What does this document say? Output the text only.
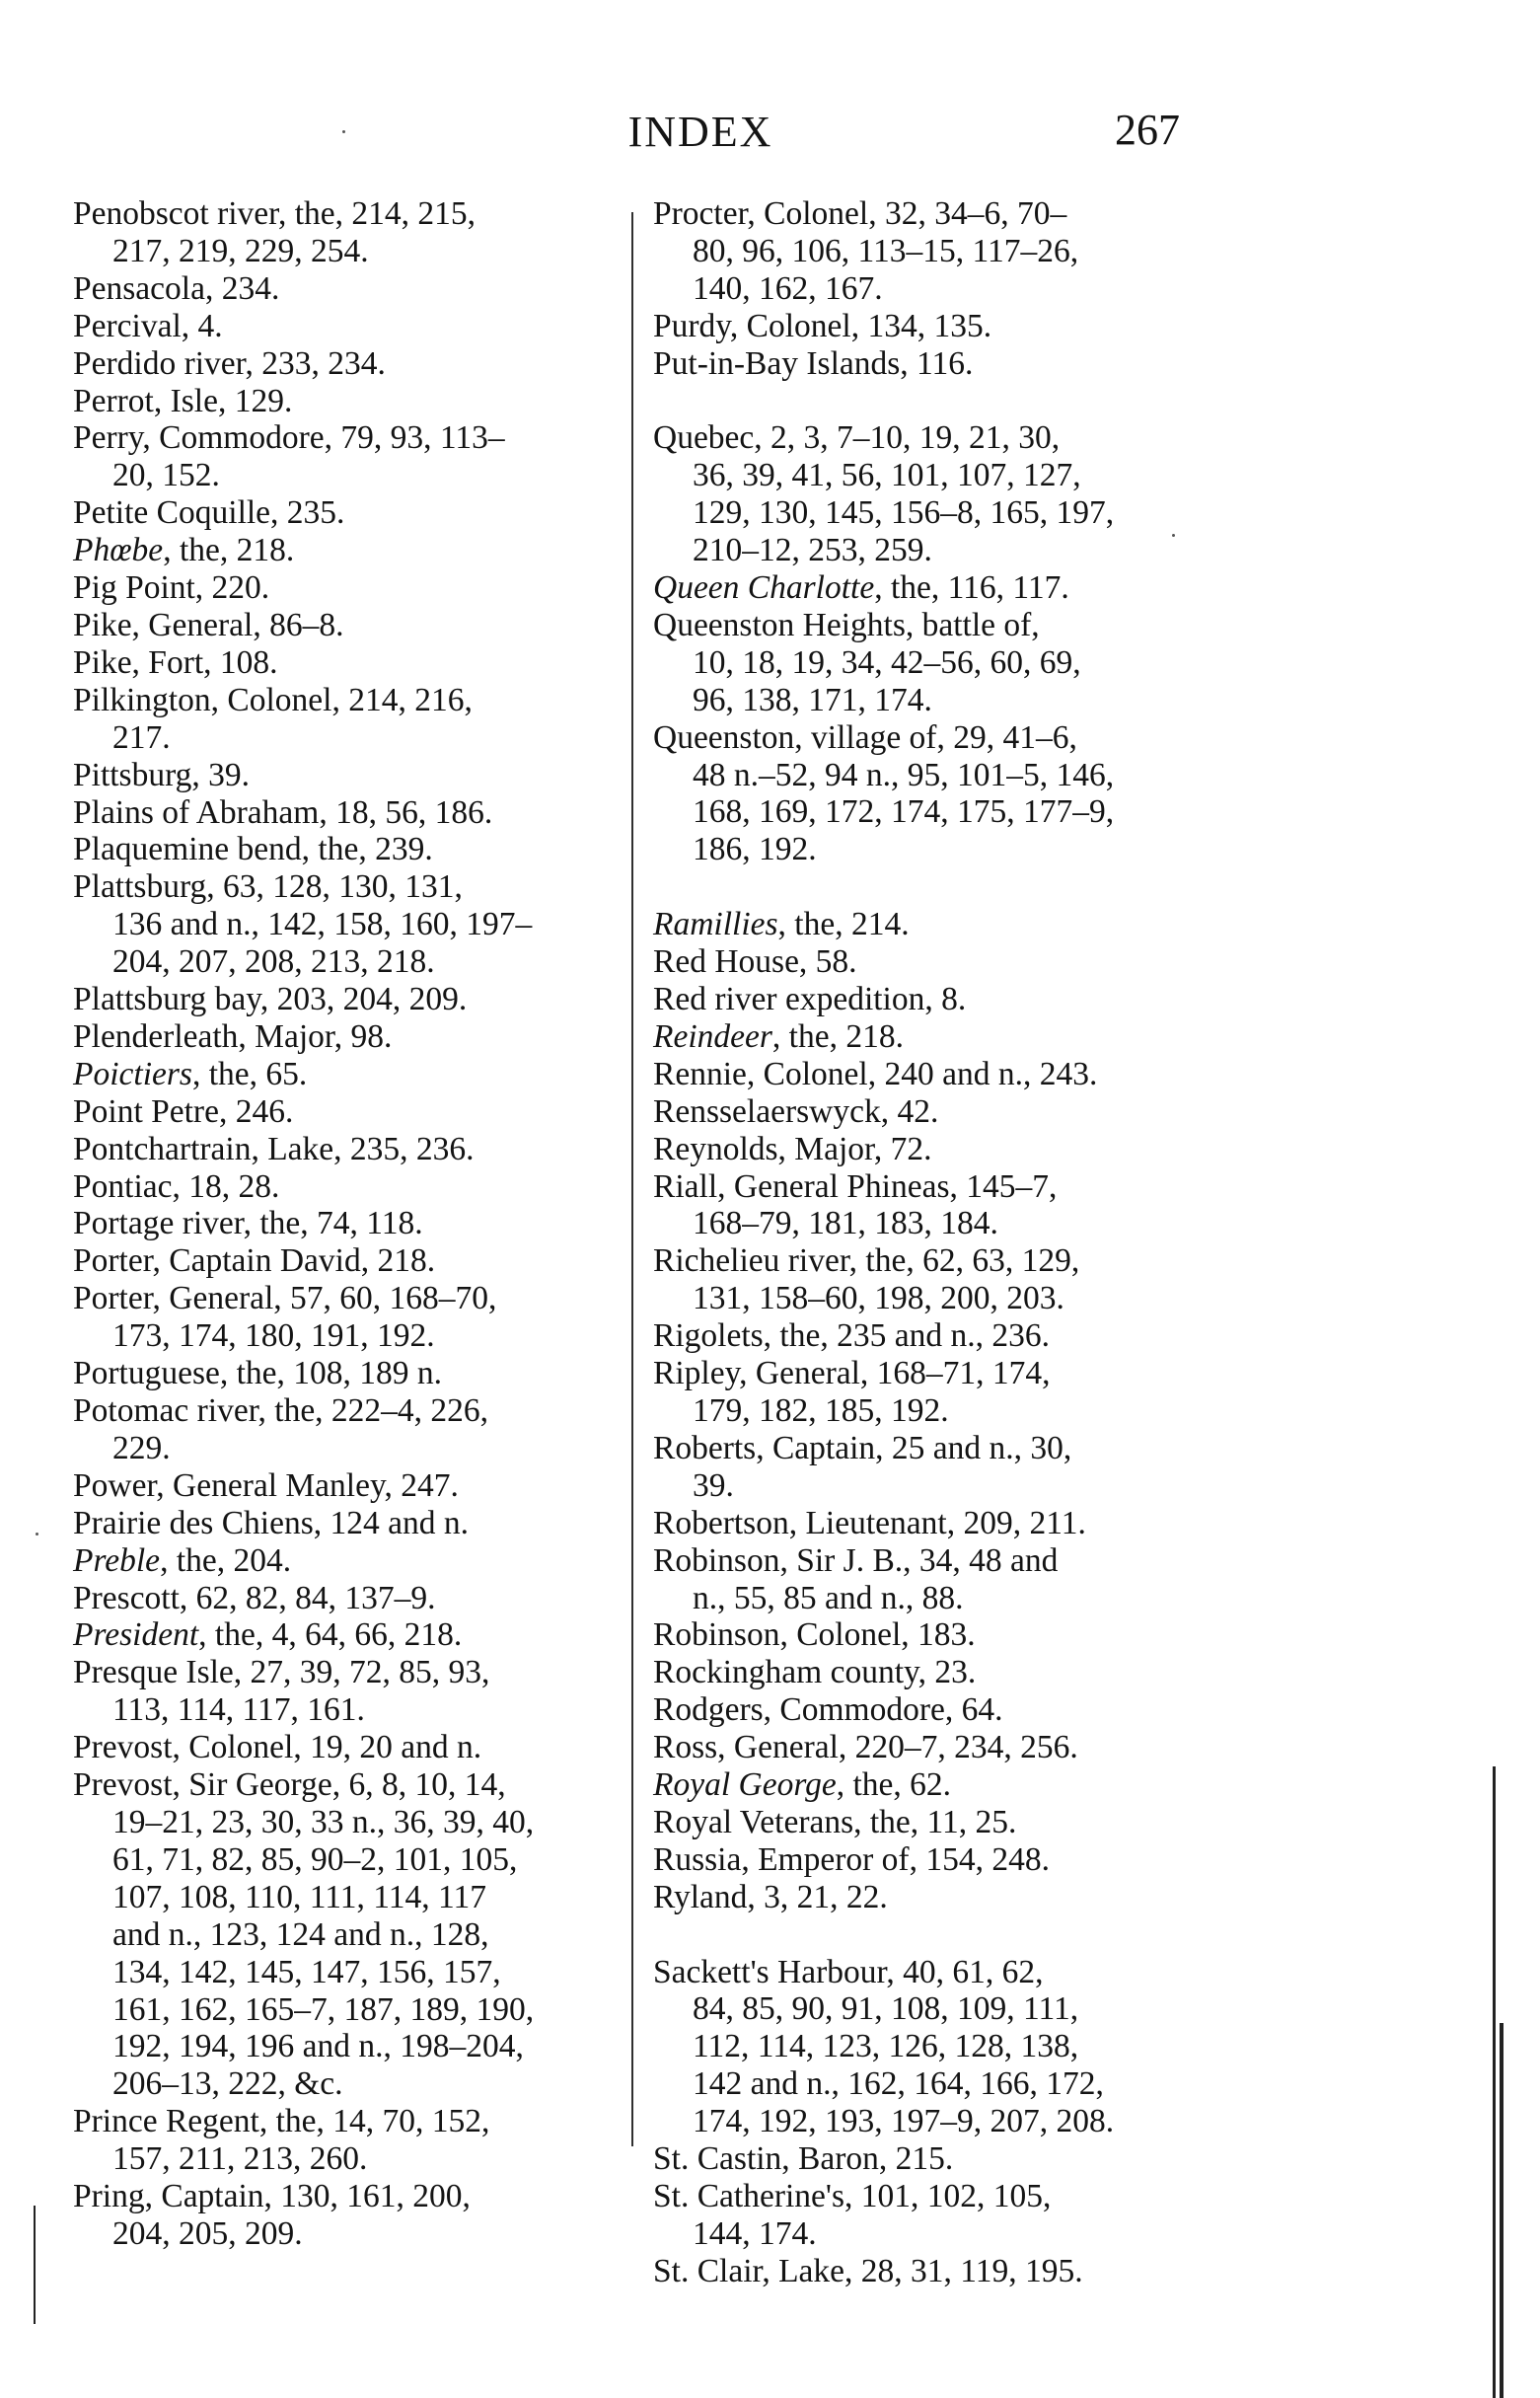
INDEX	267
Penobscot river, the, 214, 215,
217, 219, 229, 254.
Pensacola, 234.
Percival, 4.
Perdido river, 233, 234.
Perrot, Isle, 129.
Perry, Commodore, 79, 93, 113–
20, 152.
Petite Coquille, 235.
Phœbe, the, 218.
Pig Point, 220.
Pike, General, 86–8.
Pike, Fort, 108.
Pilkington, Colonel, 214, 216,
217.
Pittsburg, 39.
Plains of Abraham, 18, 56, 186.
Plaquemine bend, the, 239.
Plattsburg, 63, 128, 130, 131,
136 and n., 142, 158, 160, 197–
204, 207, 208, 213, 218.
Plattsburg bay, 203, 204, 209.
Plenderleath, Major, 98.
Poictiers, the, 65.
Point Petre, 246.
Pontchartrain, Lake, 235, 236.
Pontiac, 18, 28.
Portage river, the, 74, 118.
Porter, Captain David, 218.
Porter, General, 57, 60, 168–70,
173, 174, 180, 191, 192.
Portuguese, the, 108, 189 n.
Potomac river, the, 222–4, 226,
229.
Power, General Manley, 247.
Prairie des Chiens, 124 and n.
Preble, the, 204.
Prescott, 62, 82, 84, 137–9.
President, the, 4, 64, 66, 218.
Presque Isle, 27, 39, 72, 85, 93,
113, 114, 117, 161.
Prevost, Colonel, 19, 20 and n.
Prevost, Sir George, 6, 8, 10, 14,
19–21, 23, 30, 33 n., 36, 39, 40,
61, 71, 82, 85, 90–2, 101, 105,
107, 108, 110, 111, 114, 117
and n., 123, 124 and n., 128,
134, 142, 145, 147, 156, 157,
161, 162, 165–7, 187, 189, 190,
192, 194, 196 and n., 198–204,
206–13, 222, &c.
Prince Regent, the, 14, 70, 152,
157, 211, 213, 260.
Pring, Captain, 130, 161, 200,
204, 205, 209.
Procter, Colonel, 32, 34–6, 70–
80, 96, 106, 113–15, 117–26,
140, 162, 167.
Purdy, Colonel, 134, 135.
Put-in-Bay Islands, 116.
Quebec, 2, 3, 7–10, 19, 21, 30,
36, 39, 41, 56, 101, 107, 127,
129, 130, 145, 156–8, 165, 197,
210–12, 253, 259.
Queen Charlotte, the, 116, 117.
Queenston Heights, battle of,
10, 18, 19, 34, 42–56, 60, 69,
96, 138, 171, 174.
Queenston, village of, 29, 41–6,
48 n.–52, 94 n., 95, 101–5, 146,
168, 169, 172, 174, 175, 177–9,
186, 192.
Ramillies, the, 214.
Red House, 58.
Red river expedition, 8.
Reindeer, the, 218.
Rennie, Colonel, 240 and n., 243.
Rensselaerswyck, 42.
Reynolds, Major, 72.
Riall, General Phineas, 145–7,
168–79, 181, 183, 184.
Richelieu river, the, 62, 63, 129,
131, 158–60, 198, 200, 203.
Rigolets, the, 235 and n., 236.
Ripley, General, 168–71, 174,
179, 182, 185, 192.
Roberts, Captain, 25 and n., 30,
39.
Robertson, Lieutenant, 209, 211.
Robinson, Sir J. B., 34, 48 and
n., 55, 85 and n., 88.
Robinson, Colonel, 183.
Rockingham county, 23.
Rodgers, Commodore, 64.
Ross, General, 220–7, 234, 256.
Royal George, the, 62.
Royal Veterans, the, 11, 25.
Russia, Emperor of, 154, 248.
Ryland, 3, 21, 22.
Sackett's Harbour, 40, 61, 62,
84, 85, 90, 91, 108, 109, 111,
112, 114, 123, 126, 128, 138,
142 and n., 162, 164, 166, 172,
174, 192, 193, 197–9, 207, 208.
St. Castin, Baron, 215.
St. Catherine's, 101, 102, 105,
144, 174.
St. Clair, Lake, 28, 31, 119, 195.
